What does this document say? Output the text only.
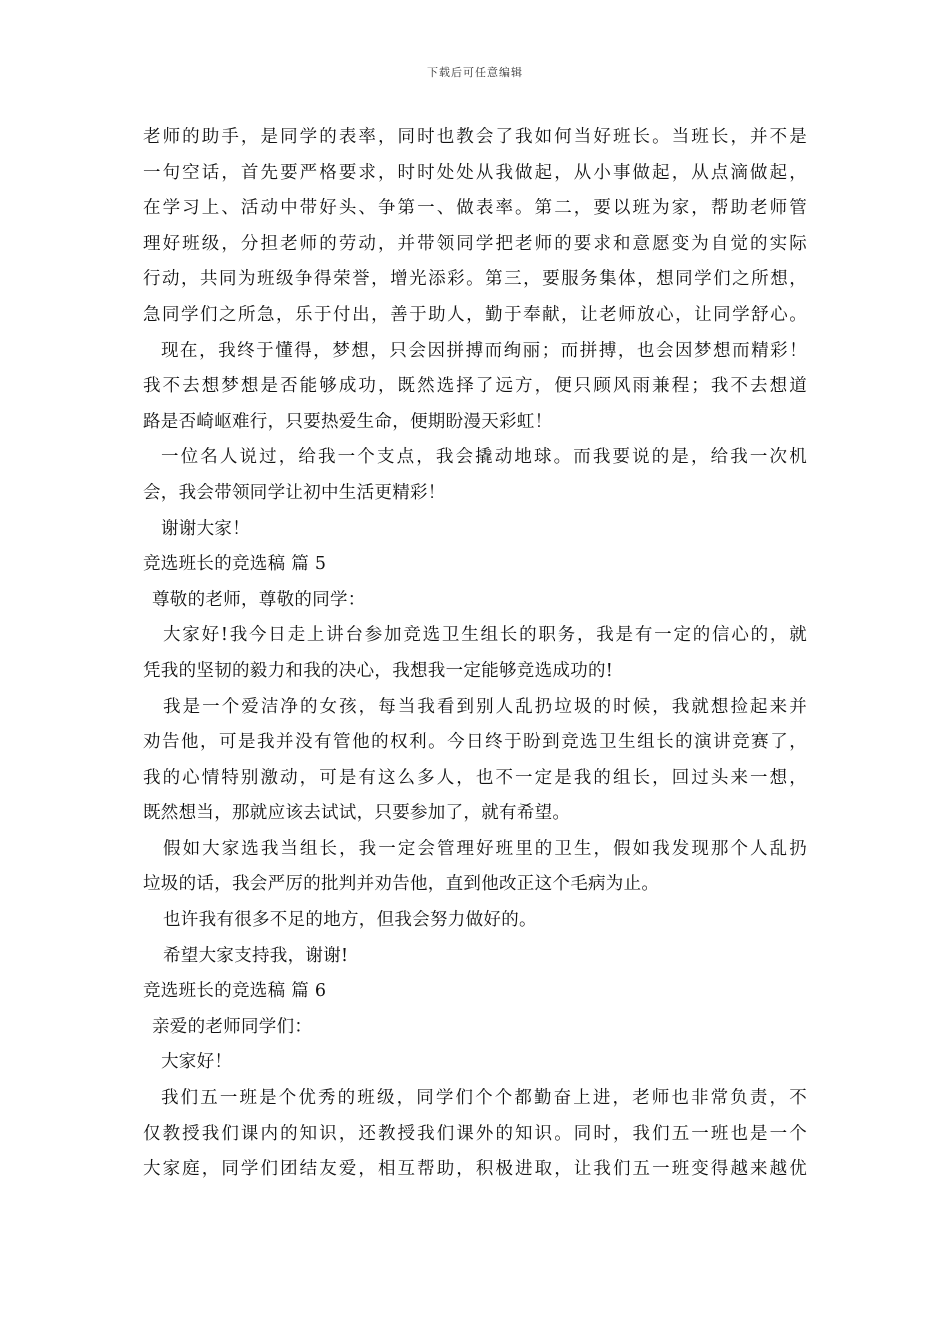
下载后可任意编辑
老师的助手，是同学的表率，同时也教会了我如何当好班长。当班长，并不是
一句空话，首先要严格要求，时时处处从我做起，从小事做起，从点滴做起，
在学习上、活动中带好头、争第一、做表率。第二，要以班为家，帮助老师管
理好班级，分担老师的劳动，并带领同学把老师的要求和意愿变为自觉的实际
行动，共同为班级争得荣誉，增光添彩。第三，要服务集体，想同学们之所想，
急同学们之所急，乐于付出，善于助人，勤于奉献，让老师放心，让同学舒心。
现在，我终于懂得，梦想，只会因拼搏而绚丽；而拼搏，也会因梦想而精彩！
我不去想梦想是否能够成功，既然选择了远方，便只顾风雨兼程；我不去想道
路是否崎岖难行，只要热爱生命，便期盼漫天彩虹！
一位名人说过，给我一个支点，我会撬动地球。而我要说的是，给我一次机
会，我会带领同学让初中生活更精彩！
谢谢大家！
竞选班长的竞选稿 篇 5
尊敬的老师，尊敬的同学：
大家好!我今日走上讲台参加竞选卫生组长的职务，我是有一定的信心的，就
凭我的坚韧的毅力和我的决心，我想我一定能够竞选成功的!
我是一个爱洁净的女孩，每当我看到别人乱扔垃圾的时候，我就想捡起来并
劝告他，可是我并没有管他的权利。今日终于盼到竞选卫生组长的演讲竞赛了，
我的心情特别激动，可是有这么多人，也不一定是我的组长，回过头来一想，
既然想当，那就应该去试试，只要参加了，就有希望。
假如大家选我当组长，我一定会管理好班里的卫生，假如我发现那个人乱扔
垃圾的话，我会严厉的批判并劝告他，直到他改正这个毛病为止。
也许我有很多不足的地方，但我会努力做好的。
希望大家支持我，谢谢!
竞选班长的竞选稿 篇 6
亲爱的老师同学们：
大家好！
我们五一班是个优秀的班级，同学们个个都勤奋上进，老师也非常负责，不
仅教授我们课内的知识，还教授我们课外的知识。同时，我们五一班也是一个
大家庭，同学们团结友爱，相互帮助，积极进取，让我们五一班变得越来越优
